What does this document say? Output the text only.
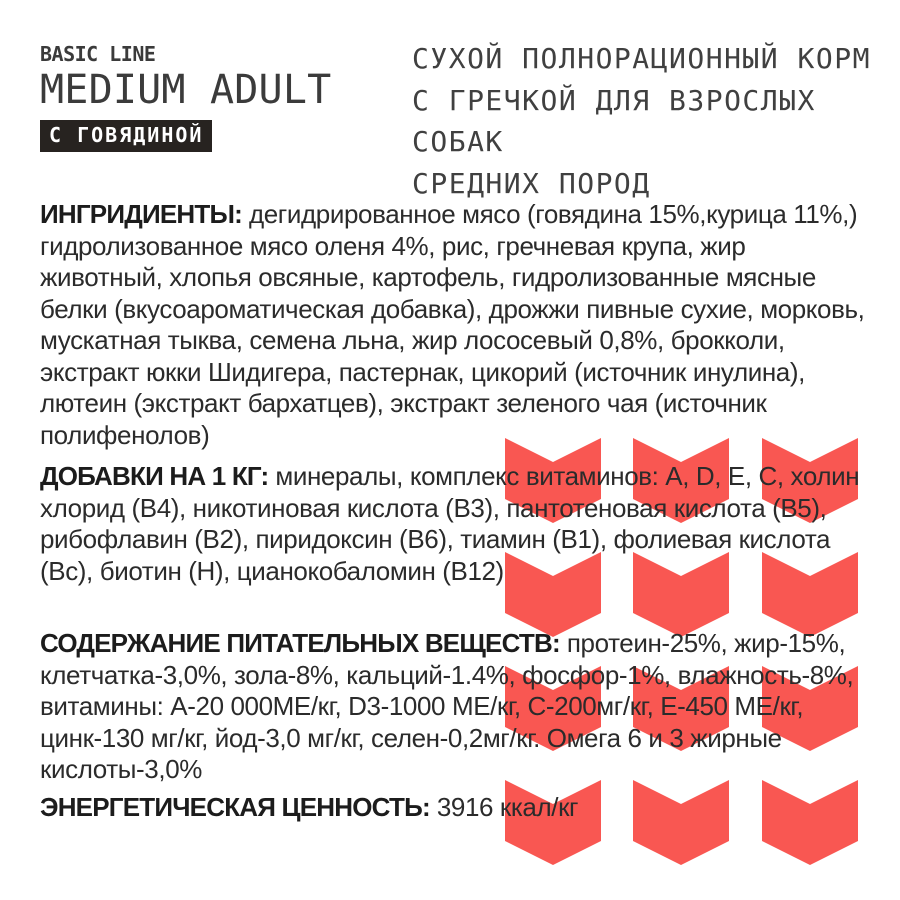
BASIC LINE
MEDIUM ADULT
С ГОВЯДИНОЙ
СУХОЙ ПОЛНОРАЦИОННЫЙ КОРМ
С ГРЕЧКОЙ ДЛЯ ВЗРОСЛЫХ СОБАК
СРЕДНИХ ПОРОД

ИНГРИДИЕНТЫ: дегидрированное мясо (говядина 15%,курица 11%,) гидролизованное мясо оленя 4%, рис, гречневая крупа, жир животный, хлопья овсяные, картофель, гидролизованные мясные белки (вкусоароматическая добавка), дрожжи пивные сухие, морковь, мускатная тыква, семена льна, жир лососевый 0,8%, брокколи, экстракт юкки Шидигера, пастернак, цикорий (источник инулина), лютеин (экстракт бархатцев), экстракт зеленого чая (источник полифенолов)

ДОБАВКИ НА 1 КГ: минералы, комплекс витаминов: A, D, E, C, холин хлорид (В4), никотиновая кислота (В3), пантотеновая кислота (В5), рибофлавин (В2), пиридоксин (В6), тиамин (В1), фолиевая кислота (Вс), биотин (Н), цианокобаломин (В12)

СОДЕРЖАНИЕ ПИТАТЕЛЬНЫХ ВЕЩЕСТВ: протеин-25%, жир-15%, клетчатка-3,0%, зола-8%, кальций-1.4%, фосфор-1%, влажность-8%, витамины: А-20 000МЕ/кг, D3-1000 МЕ/кг, С-200мг/кг, Е-450 МЕ/кг, цинк-130 мг/кг, йод-3,0 мг/кг, селен-0,2мг/кг. Омега 6 и 3 жирные кислоты-3,0%

ЭНЕРГЕТИЧЕСКАЯ ЦЕННОСТЬ: 3916 ккал/кг
